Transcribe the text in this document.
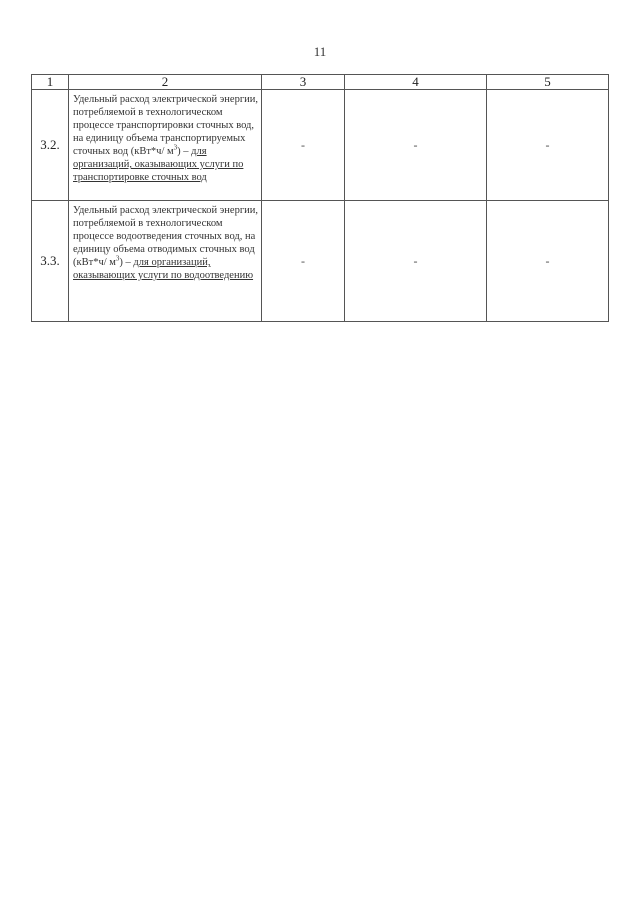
11
1	2	3	4	5
3.2.	Удельный расход электрической энергии, потребляемой в технологическом процессе транспортировки сточных вод, на единицу объема транспортируемых сточных вод (кВт*ч/ $м^3$) – для организаций, оказывающих услуги по транспортировке сточных вод	-	-	-
3.3.	Удельный расход электрической энергии, потребляемой в технологическом процессе водоотведения сточных вод, на единицу объема отводимых сточных вод (кВт*ч/ $м^3$) – для организаций, оказывающих услуги по водоотведению	-	-	-
